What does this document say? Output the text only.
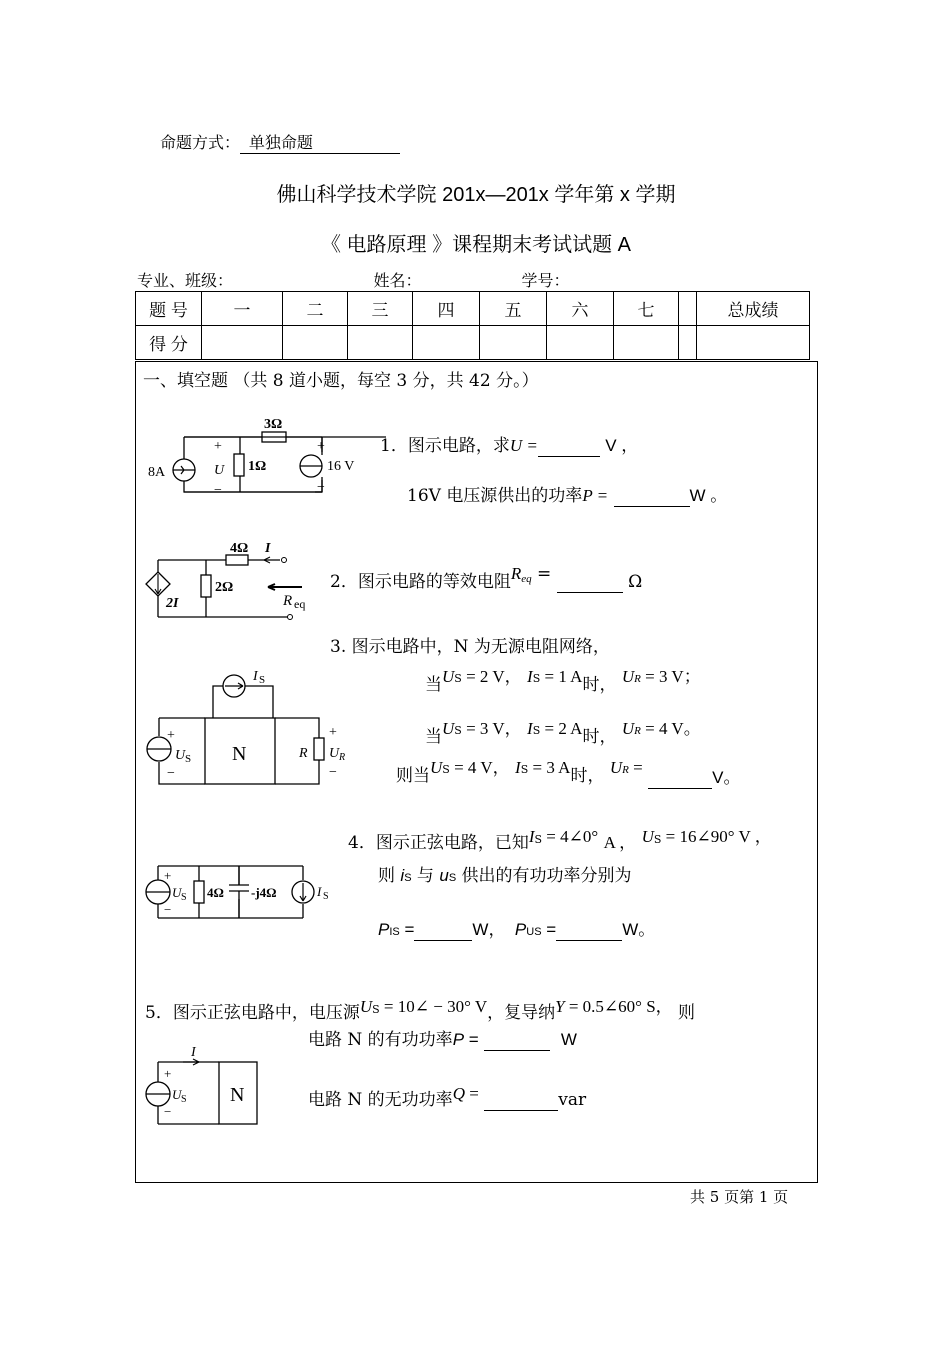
命题方式： 单独命题
佛山科学技术学院 201x—201x 学年第 x 学期
《 电路原理 》课程期末考试试题 A
专业、班级：	姓名：	学号：
题 号	一	二	三	四	五	六	七		总成绩
得 分									
一、填空题 （共 8 道小题，每空 3 分，共 42 分。）
3Ω
1Ω
8A	16 V
+
U
−
+
−
1．图示电路，求U =	V ，
16V 电压源供出的功率P =	W 。
4Ω
2Ω
I
2I	R eq
2．图示电路的等效电阻$R^{eq}$ =	Ω
3. 图示电路中，N 为无源电阻网络，
当US = 2 V， IS = 1 A时， UR = 3 V；
当US = 3 V， IS = 2 A时， UR = 4 V。
则当US = 4 V， IS = 3 A时， UR =  V。
+
−
U S N
I S
R
+
U R
−
4．图示正弦电路，已知$I^S$ = 4∠0° A ， $U^S$ = 16∠90° V ，
则 iS 与 uS 供出的有功功率分别为
PIS =	W， PUS =	W。
+
−
U S 4Ω -j4Ω	I S
5．图示正弦电路中，电压源$U^S$ = 10∠ − 30° V，复导纳Y = 0.5∠60° S， 则
电路 N 的有功功率P =	W
电路 N 的无功功率Q =	var
I
+
−
U S N
共 5 页第 1 页
